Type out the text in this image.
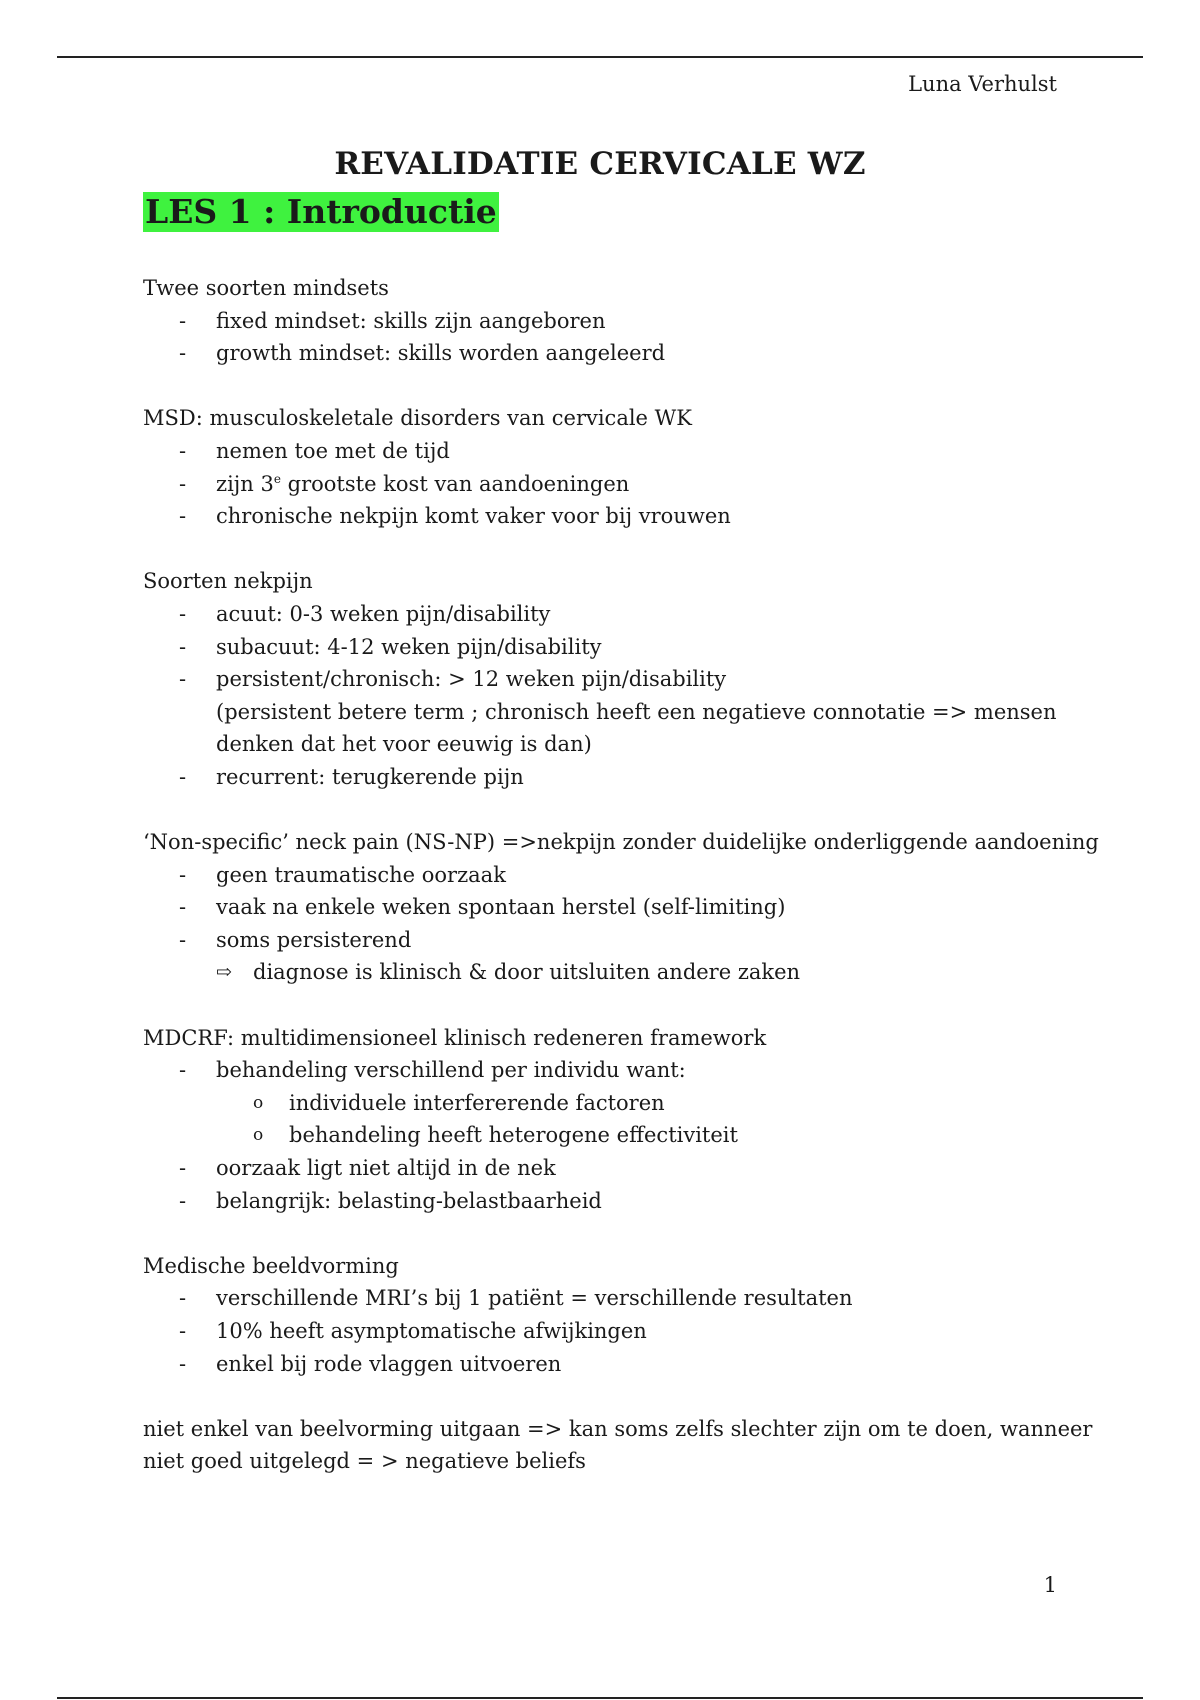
Luna Verhulst
REVALIDATIE CERVICALE WZ
LES 1 : Introductie
Twee soorten mindsets
- fixed mindset: skills zijn aangeboren
- growth mindset: skills worden aangeleerd
MSD: musculoskeletale disorders van cervicale WK
- nemen toe met de tijd
- zijn 3e grootste kost van aandoeningen
- chronische nekpijn komt vaker voor bij vrouwen
Soorten nekpijn
- acuut: 0-3 weken pijn/disability
- subacuut: 4-12 weken pijn/disability
- persistent/chronisch: > 12 weken pijn/disability
(persistent betere term ; chronisch heeft een negatieve connotatie => mensen
denken dat het voor eeuwig is dan)
- recurrent: terugkerende pijn
‘Non-specific’ neck pain (NS-NP) =>nekpijn zonder duidelijke onderliggende aandoening
- geen traumatische oorzaak
- vaak na enkele weken spontaan herstel (self-limiting)
- soms persisterend
⇨ diagnose is klinisch & door uitsluiten andere zaken
MDCRF: multidimensioneel klinisch redeneren framework
- behandeling verschillend per individu want:
o individuele interfererende factoren
o behandeling heeft heterogene effectiviteit
- oorzaak ligt niet altijd in de nek
- belangrijk: belasting-belastbaarheid
Medische beeldvorming
- verschillende MRI’s bij 1 patiënt = verschillende resultaten
- 10% heeft asymptomatische afwijkingen
- enkel bij rode vlaggen uitvoeren
niet enkel van beelvorming uitgaan => kan soms zelfs slechter zijn om te doen, wanneer
niet goed uitgelegd = > negatieve beliefs
1
